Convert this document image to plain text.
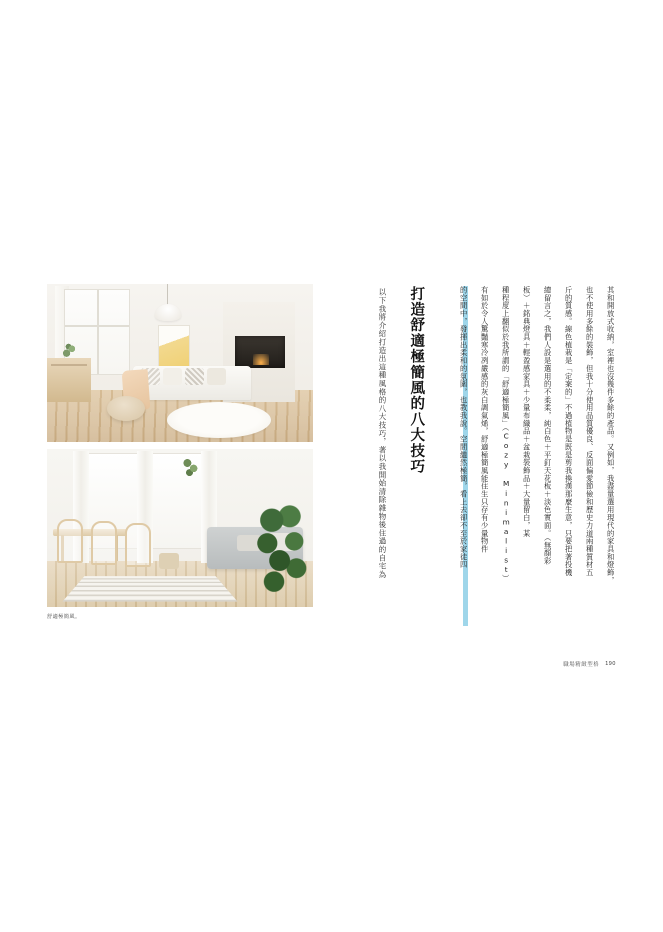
舒適極簡風。
打造舒適極簡風的八大技巧
以下我將介紹打造出這種風格的八大技巧，著以我開始清除雜物後住過的自宅為	其和開放式收納，室裡也沒幾件多餘的產品。又例如，我盡量選用現代的家具和燈飾，
也不使用多餘的裝飾，但我十分使用品質優良、反面偏愛節儉和歷史力道兩種質材五
斤的質感。線色植栽是「定案的」不過植物是既是剪我換漢那麼生意，只要把著投機
總留言之，我們人設是選用的不柔柔，純白色＋平釘天花板＋淡色實面。（無顏彩
板）＋銘典燈具＋輕盈感家具＋少量布織品＋盆栽裝飾品＋大量留白，某
種程度上翻似於我所謂的「舒適極簡風」（Cozy Minimalist）
有如於令人驚豔寒冷冽嚴感的灰白調氣烯，舒適極簡風能住生只存有少量物件
的空間中，發揮出柔和的氛圍，也教我說。空間繼然極簡，看上去卻不至於家徒四
職場精緻型格 190
